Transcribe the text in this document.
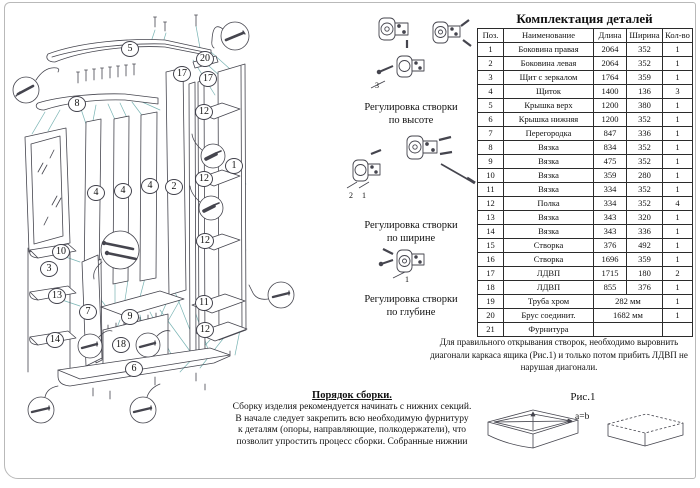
5
8
20
17	17
12
1
12
2
4	4	4
12
10
3
13
11
7	9
12
14	18
6
Регулировка створки
по высоте
3
Регулировка створки
по ширине
2 1
Регулировка створки
по глубине
1
Комплектация деталей
Поз.	Наименование	Длина	Ширина	Кол-во
1	Боковина правая	2064	352	1
2	Боковина левая	2064	352	1
3	Щит с зеркалом	1764	359	1
4	Щиток	1400	136	3
5	Крышка верх	1200	380	1
6	Крышка нижняя	1200	352	1
7	Перегородка	847	336	1
8	Вязка	834	352	1
9	Вязка	475	352	1
10	Вязка	359	280	1
11	Вязка	334	352	1
12	Полка	334	352	4
13	Вязка	343	320	1
14	Вязка	343	336	1
15	Створка	376	492	1
16	Створка	1696	359	1
17	ЛДВП	1715	180	2
18	ЛДВП	855	376	1
19	Труба хром	282 мм		1
20	Брус соединит.	1682 мм		1
21	Фурнитура			
Для правильного открывания створок, необходимо выровнить диагонали каркаса ящика (Рис.1) и только потом прибить ЛДВП не нарушая диагонали.
Рис.1
a=b
Порядок сборки.
Сборку изделия рекомендуется начинать с нижних секций. В начале следует закрепить всю необходимую фурнитуру к деталям (опоры, направляющие, полкодержатели), что позволит упростить процесс сборки. Собранные нижнии
